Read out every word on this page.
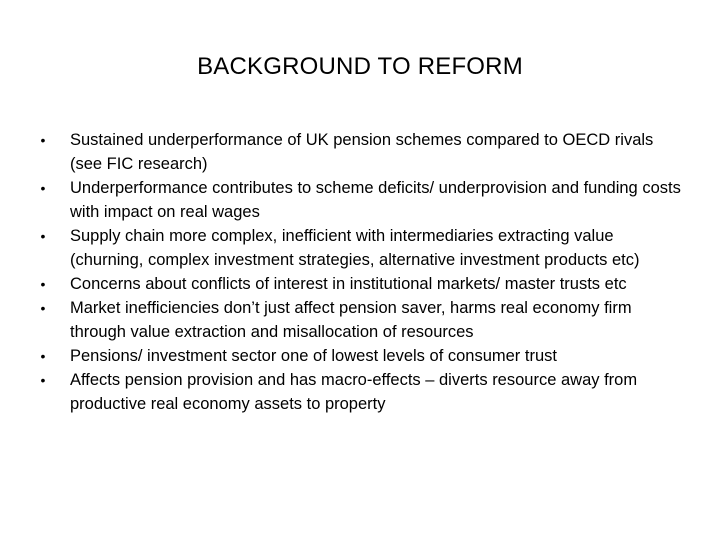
BACKGROUND TO REFORM
• Sustained underperformance of UK pension schemes compared to OECD rivals (see FIC research)
• Underperformance contributes to scheme deficits/ underprovision and funding costs with impact on real wages
• Supply chain more complex, inefficient with intermediaries extracting value (churning, complex investment strategies, alternative investment products etc)
• Concerns about conflicts of interest in institutional markets/ master trusts etc
• Market inefficiencies don’t just affect pension saver, harms real economy firm through value extraction and misallocation of resources
• Pensions/ investment sector one of lowest levels of consumer trust
• Affects pension provision and has macro-effects – diverts resource away from productive real economy assets to property
